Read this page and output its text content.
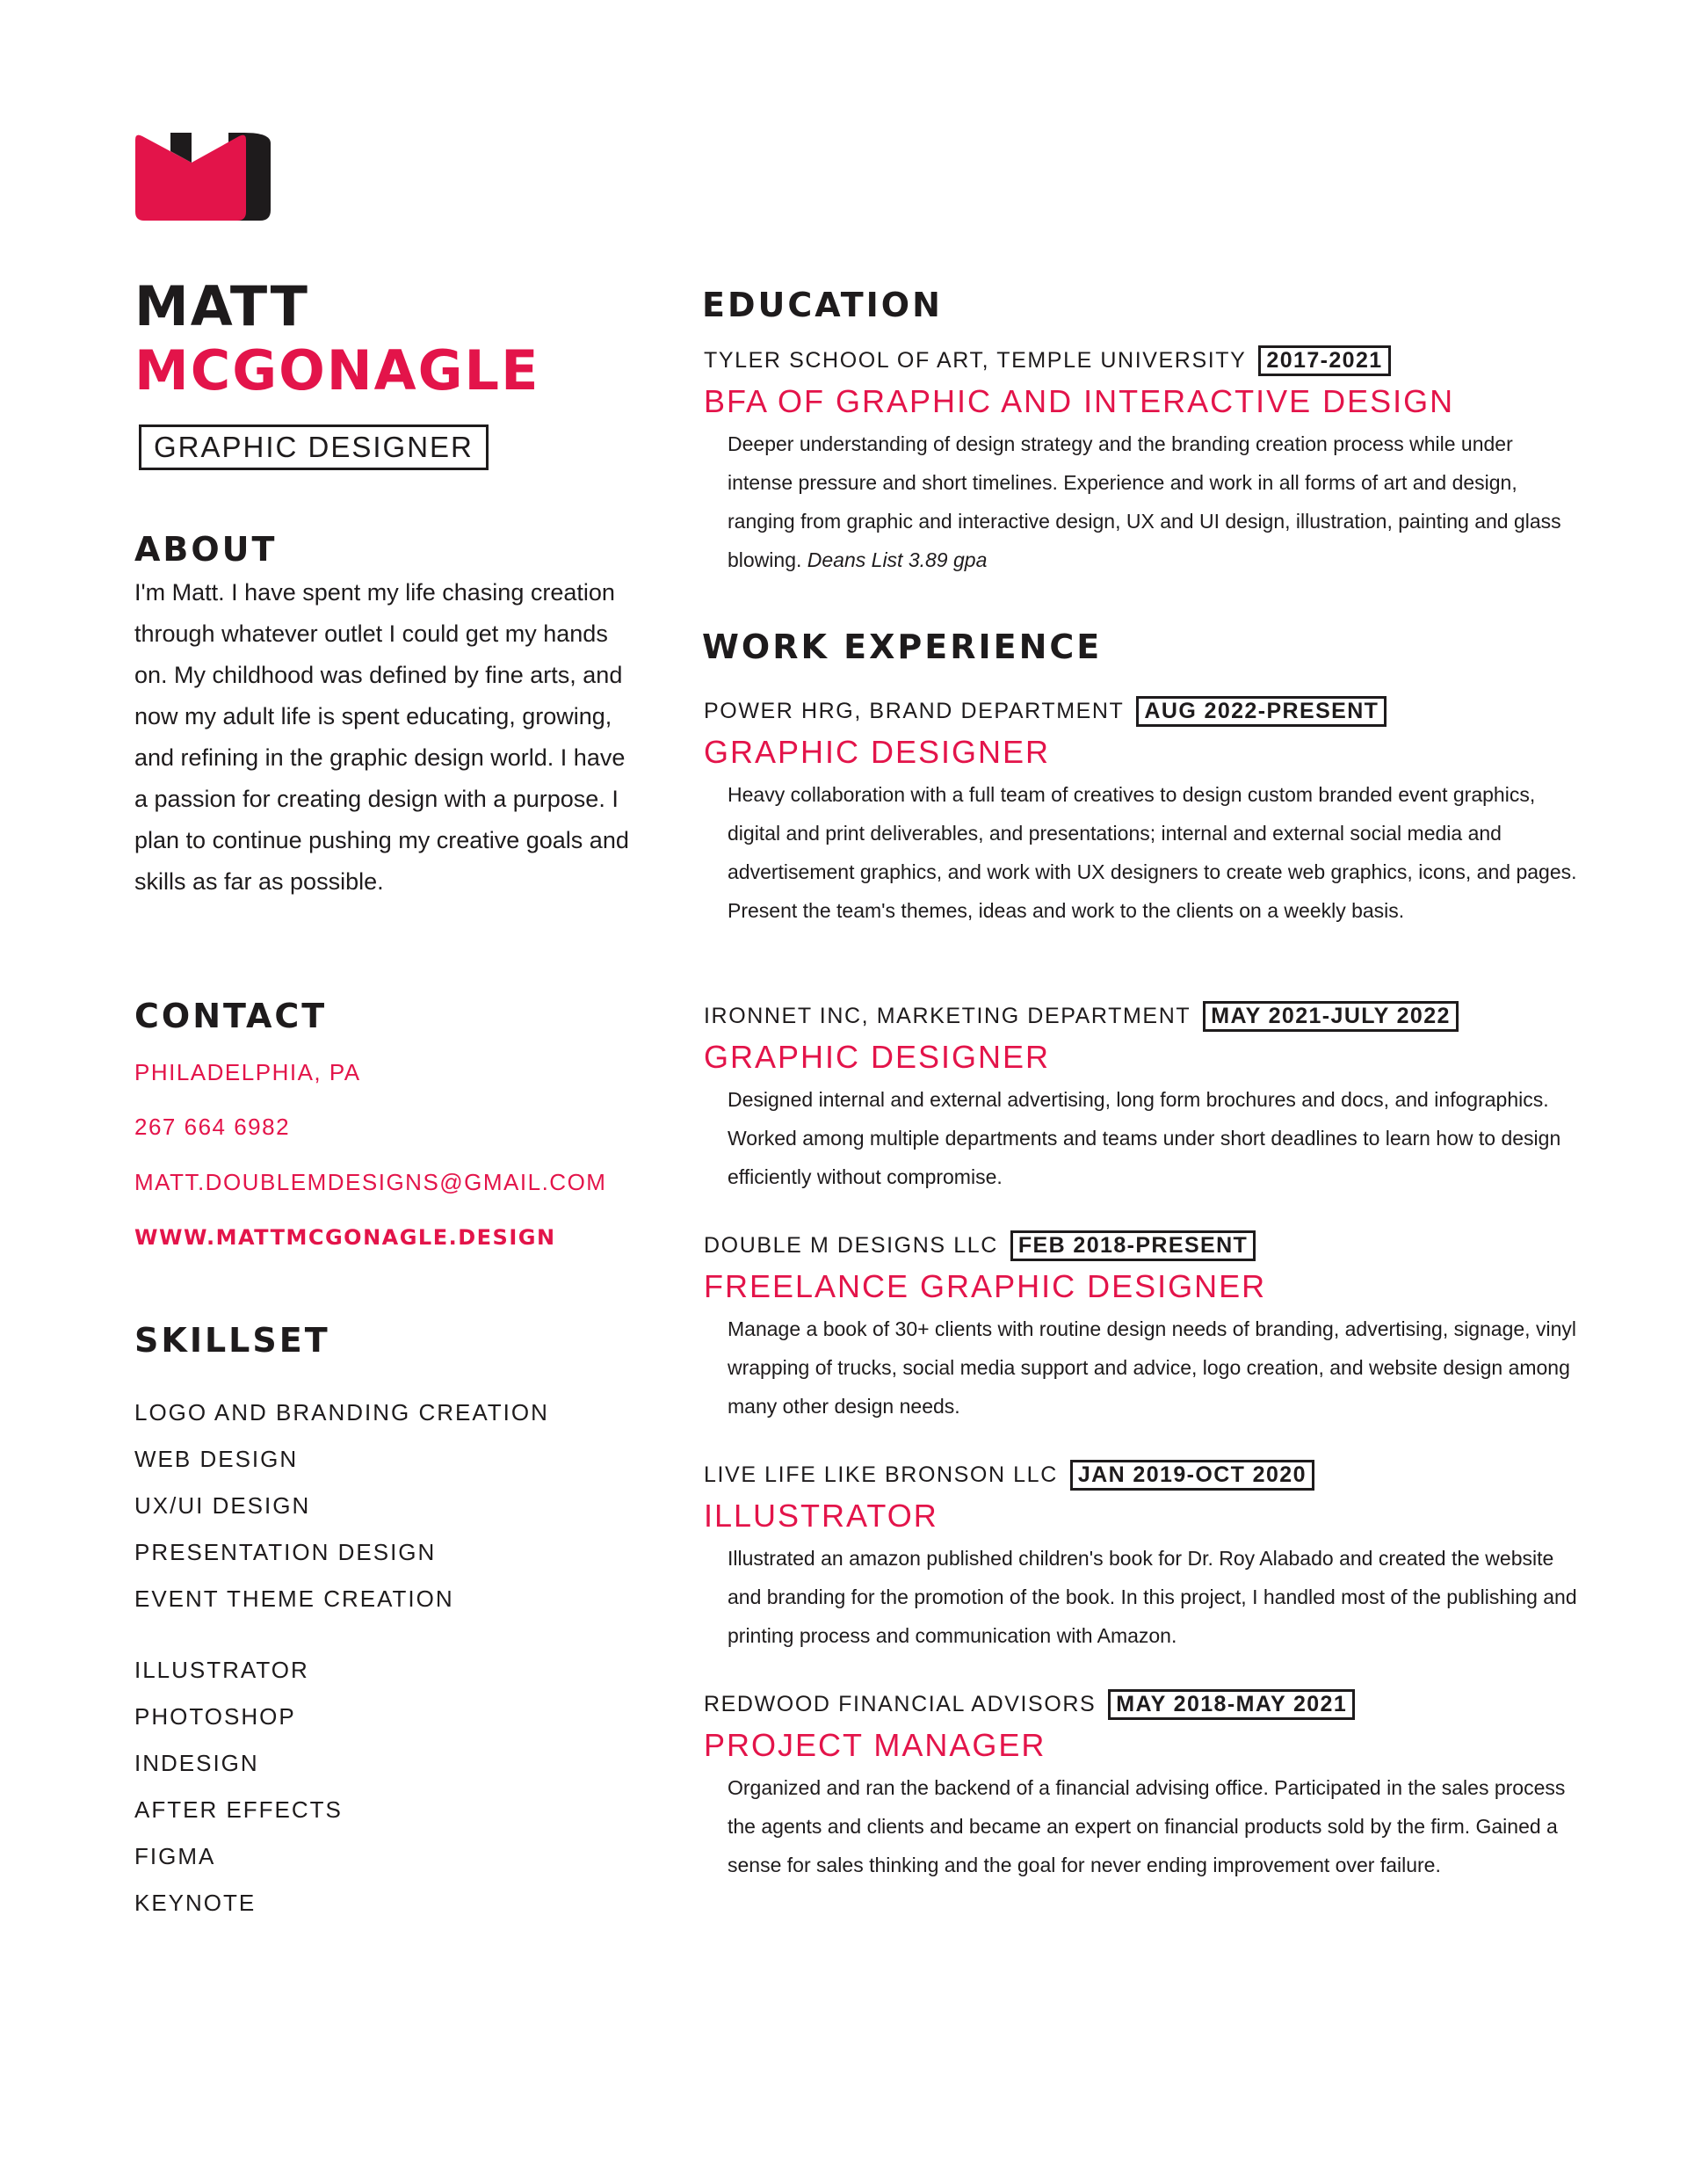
MATT
MCGONAGLE
GRAPHIC DESIGNER
ABOUT

I'm Matt. I have spent my life chasing creation through whatever outlet I could get my hands on. My childhood was defined by fine arts, and now my adult life is spent educating, growing, and refining in the graphic design world. I have a passion for creating design with a purpose. I plan to continue pushing my creative goals and skills as far as possible.

CONTACT
PHILADELPHIA, PA
267 664 6982
MATT.DOUBLEMDESIGNS@GMAIL.COM
WWW.MATTMCGONAGLE.DESIGN
SKILLSET
LOGO AND BRANDING CREATION
WEB DESIGN
UX/UI DESIGN
PRESENTATION DESIGN
EVENT THEME CREATION
ILLUSTRATOR
PHOTOSHOP
INDESIGN
AFTER EFFECTS
FIGMA
KEYNOTE
EDUCATION
TYLER SCHOOL OF ART, TEMPLE UNIVERSITY 2017-2021
BFA OF GRAPHIC AND INTERACTIVE DESIGN

Deeper understanding of design strategy and the branding creation process while under intense pressure and short timelines. Experience and work in all forms of art and design, ranging from graphic and interactive design, UX and UI design, illustration, painting and glass blowing. Deans List 3.89 gpa

WORK EXPERIENCE
POWER HRG, BRAND DEPARTMENT AUG 2022-PRESENT
GRAPHIC DESIGNER

Heavy collaboration with a full team of creatives to design custom branded event graphics, digital and print deliverables, and presentations; internal and external social media and advertisement graphics, and work with UX designers to create web graphics, icons, and pages. Present the team's themes, ideas and work to the clients on a weekly basis.

IRONNET INC, MARKETING DEPARTMENT MAY 2021-JULY 2022
GRAPHIC DESIGNER

Designed internal and external advertising, long form brochures and docs, and infographics. Worked among multiple departments and teams under short deadlines to learn how to design efficiently without compromise.

DOUBLE M DESIGNS LLC FEB 2018-PRESENT
FREELANCE GRAPHIC DESIGNER

Manage a book of 30+ clients with routine design needs of branding, advertising, signage, vinyl wrapping of trucks, social media support and advice, logo creation, and website design among many other design needs.

LIVE LIFE LIKE BRONSON LLC JAN 2019-OCT 2020
ILLUSTRATOR

Illustrated an amazon published children's book for Dr. Roy Alabado and created the website and branding for the promotion of the book. In this project, I handled most of the publishing and printing process and communication with Amazon.

REDWOOD FINANCIAL ADVISORS MAY 2018-MAY 2021
PROJECT MANAGER

Organized and ran the backend of a financial advising office. Participated in the sales process the agents and clients and became an expert on financial products sold by the firm. Gained a sense for sales thinking and the goal for never ending improvement over failure.
